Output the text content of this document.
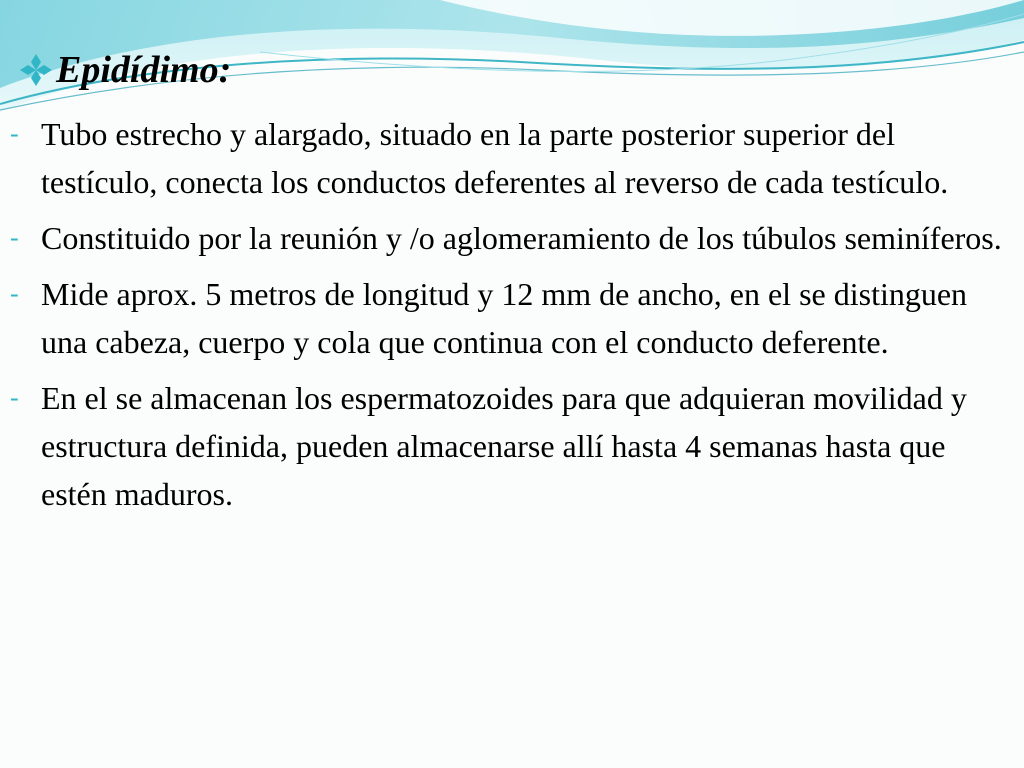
Epidídimo:
- Tubo estrecho y alargado, situado en la parte posterior superior del testículo, conecta los conductos deferentes al reverso de cada testículo.
- Constituido por la reunión y /o aglomeramiento de los túbulos seminíferos.
- Mide aprox. 5 metros de longitud y 12 mm de ancho, en el se distinguen una cabeza, cuerpo y cola que continua con el conducto deferente.
- En el se almacenan los espermatozoides para que adquieran movilidad y estructura definida, pueden almacenarse allí hasta 4 semanas hasta que estén maduros.
